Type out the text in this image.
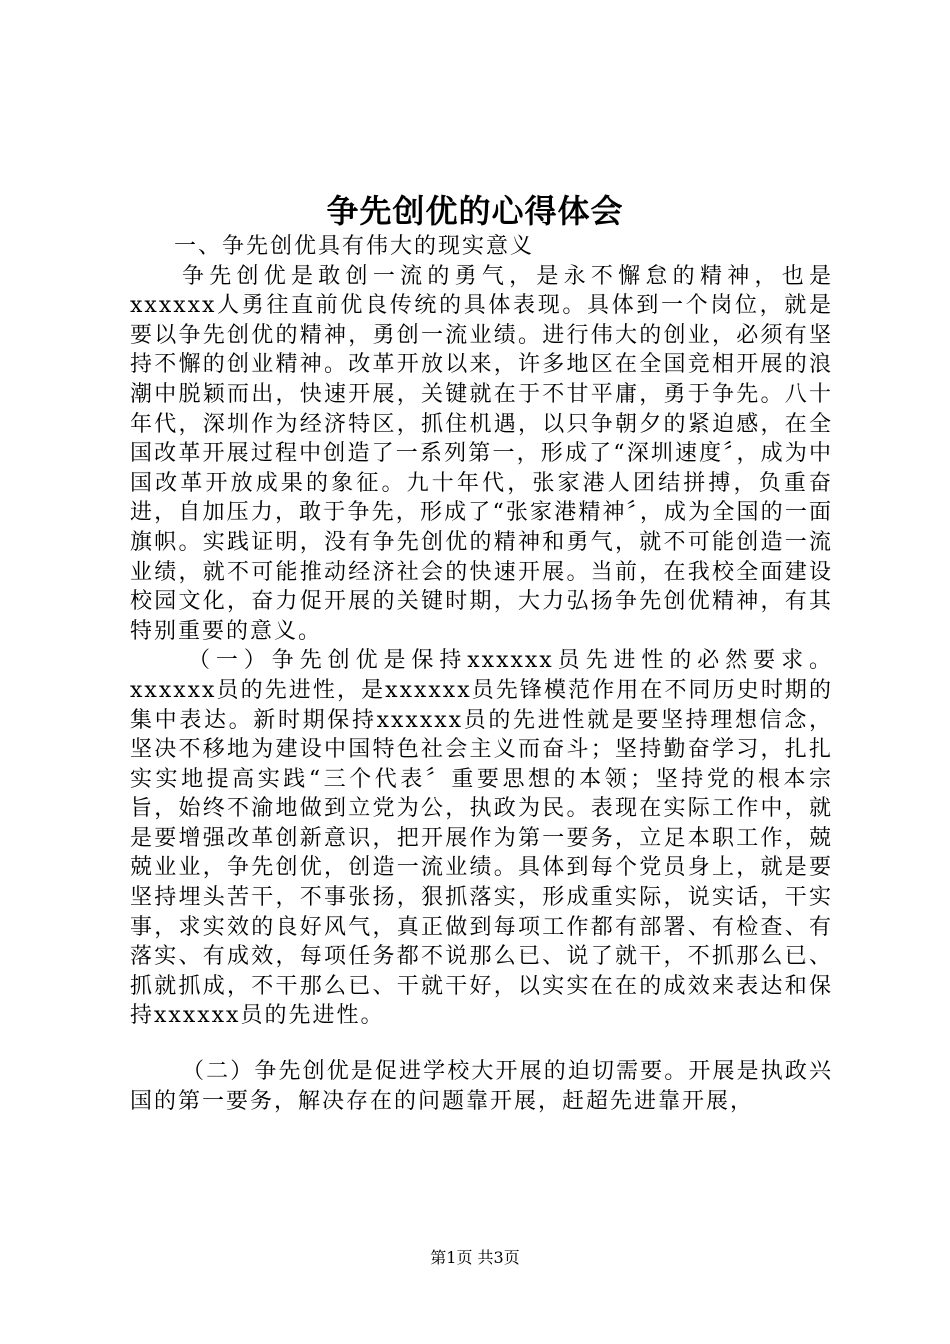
争先创优的心得体会

一、争先创优具有伟大的现实意义

争先创优是敢创一流的勇气，是永不懈怠的精神，也是xxxxxx人勇往直前优良传统的具体表现。具体到一个岗位，就是要以争先创优的精神，勇创一流业绩。进行伟大的创业，必须有坚持不懈的创业精神。改革开放以来，许多地区在全国竞相开展的浪潮中脱颖而出，快速开展，关键就在于不甘平庸，勇于争先。八十年代，深圳作为经济特区，抓住机遇，以只争朝夕的紧迫感，在全国改革开展过程中创造了一系列第一，形成了“深圳速度〞，成为中国改革开放成果的象征。九十年代，张家港人团结拼搏，负重奋进，自加压力，敢于争先，形成了“张家港精神〞，成为全国的一面旗帜。实践证明，没有争先创优的精神和勇气，就不可能创造一流业绩，就不可能推动经济社会的快速开展。当前，在我校全面建设校园文化，奋力促开展的关键时期，大力弘扬争先创优精神，有其特别重要的意义。

（一）争先创优是保持xxxxxx员先进性的必然要求。xxxxxx员的先进性，是xxxxxx员先锋模范作用在不同历史时期的集中表达。新时期保持xxxxxx员的先进性就是要坚持理想信念，坚决不移地为建设中国特色社会主义而奋斗；坚持勤奋学习，扎扎实实地提高实践“三个代表〞重要思想的本领；坚持党的根本宗旨，始终不渝地做到立党为公，执政为民。表现在实际工作中，就是要增强改革创新意识，把开展作为第一要务，立足本职工作，兢兢业业，争先创优，创造一流业绩。具体到每个党员身上，就是要坚持埋头苦干，不事张扬，狠抓落实，形成重实际，说实话，干实事，求实效的良好风气，真正做到每项工作都有部署、有检查、有落实、有成效，每项任务都不说那么已、说了就干，不抓那么已、抓就抓成，不干那么已、干就干好，以实实在在的成效来表达和保持xxxxxx员的先进性。

（二）争先创优是促进学校大开展的迫切需要。开展是执政兴国的第一要务，解决存在的问题靠开展，赶超先进靠开展，

第1页 共3页
